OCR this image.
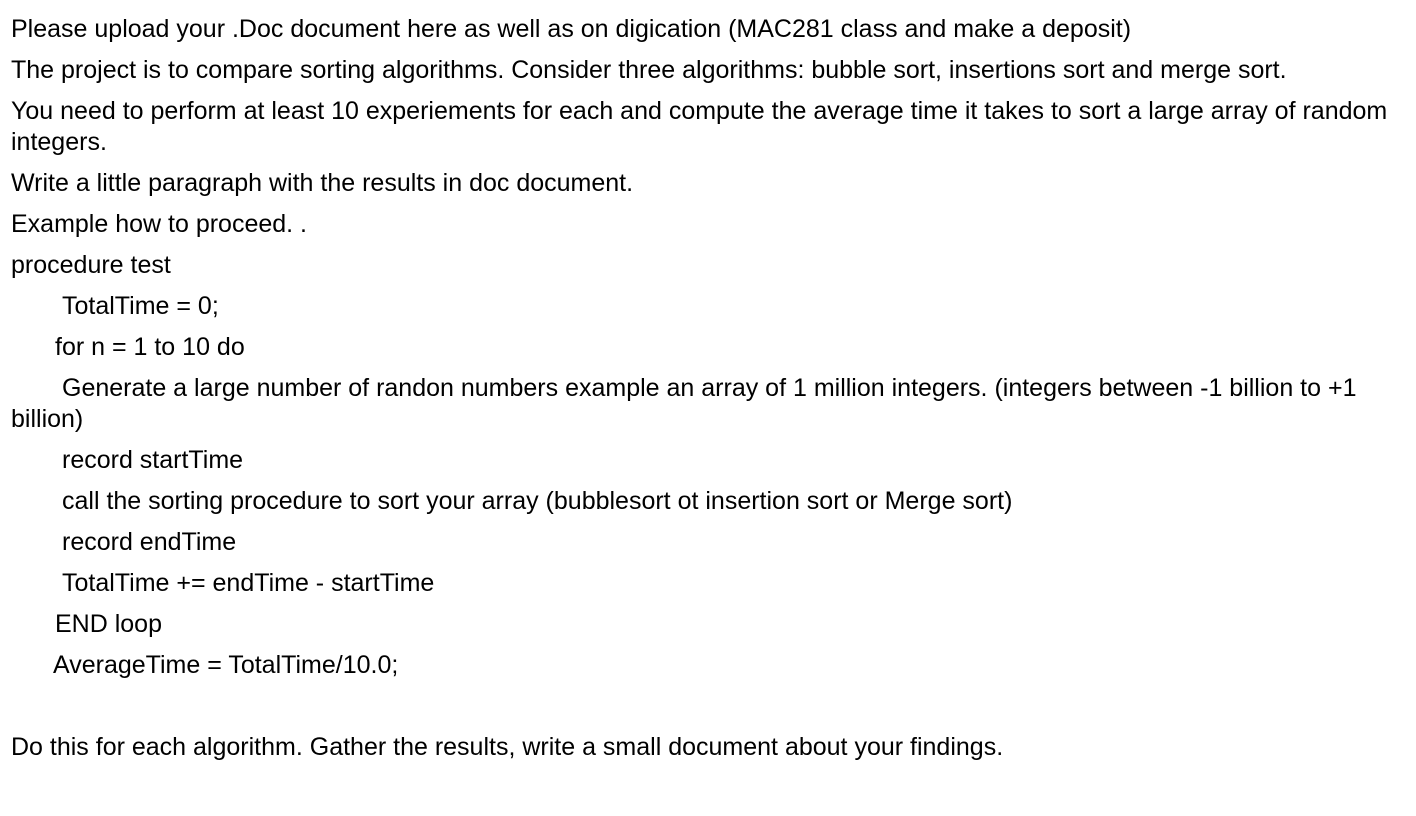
Please upload your .Doc document here as well as on digication (MAC281 class and make a deposit)

The project is to compare sorting algorithms. Consider three algorithms: bubble sort, insertions sort and merge sort.

You need to perform at least 10 experiements for each and compute the average time it takes to sort a large array of random integers.

Write a little paragraph with the results in doc document.

Example how to proceed. .

procedure test

TotalTime = 0;

for n = 1 to 10 do

Generate a large number of randon numbers example an array of 1 million integers. (integers between -1 billion to +1 billion)

record startTime

call the sorting procedure to sort your array (bubblesort ot insertion sort or Merge sort)

record endTime

TotalTime += endTime - startTime

END loop

AverageTime = TotalTime/10.0;

Do this for each algorithm. Gather the results, write a small document about your findings.
